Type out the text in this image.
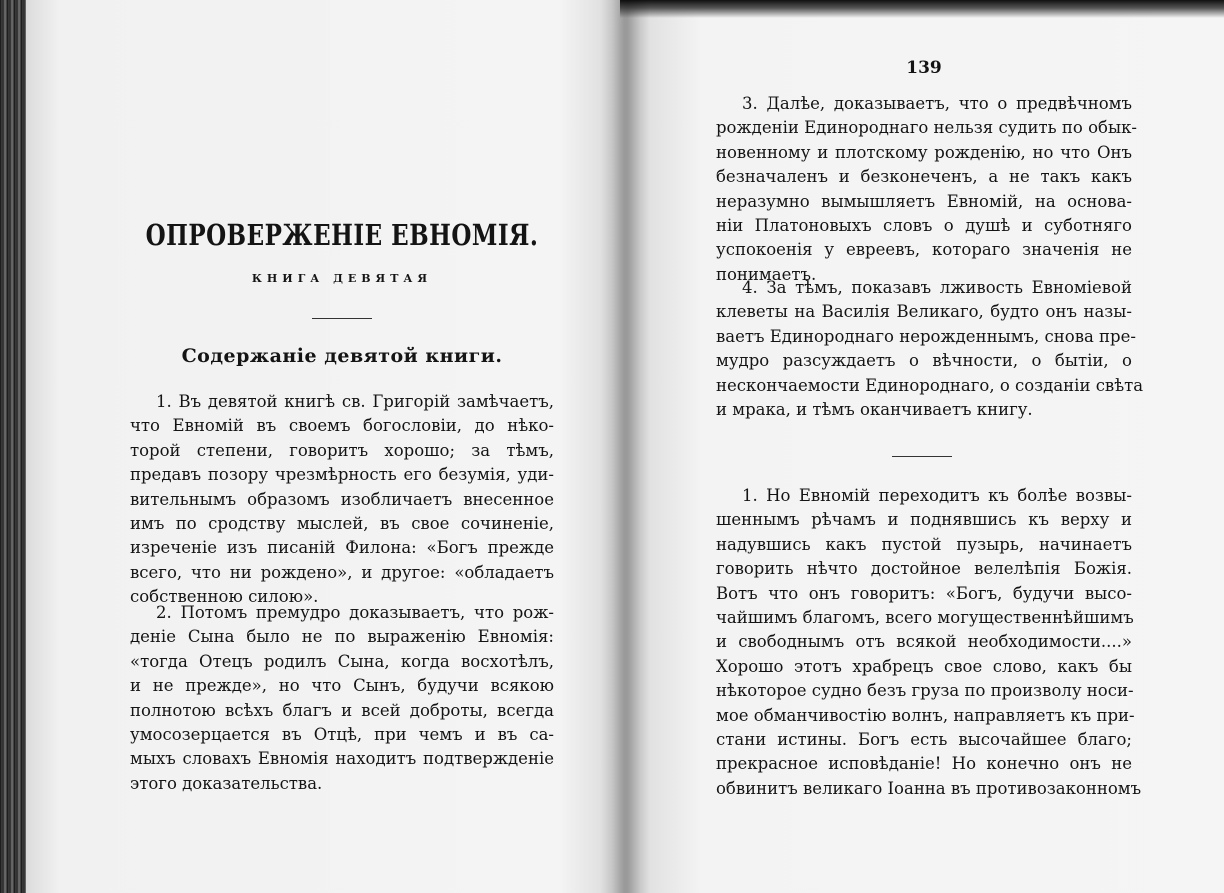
ОПРОВЕРЖЕНІЕ ЕВНОМІЯ.
КНИГА ДЕВЯТАЯ
Содержаніе девятой книги.
1. Въ девятой книгѣ св. Григорій замѣчаетъ,
что Евномій въ своемъ богословіи, до нѣко-
торой степени, говоритъ хорошо; за тѣмъ,
предавъ позору чрезмѣрность его безумія, уди-
вительнымъ образомъ изобличаетъ внесенное
имъ по сродству мыслей, въ свое сочиненіе,
изреченіе изъ писаній Филона: «Богъ прежде
всего, что ни рождено», и другое: «обладаетъ
собственною силою».
2. Потомъ премудро доказываетъ, что рож-
деніе Сына было не по выраженію Евномія:
«тогда Отецъ родилъ Сына, когда восхотѣлъ,
и не прежде», но что Сынъ, будучи всякою
полнотою всѣхъ благъ и всей доброты, всегда
умосозерцается въ Отцѣ, при чемъ и въ са-
мыхъ словахъ Евномія находитъ подтвержденіе
этого доказательства.
139
3. Далѣе, доказываетъ, что о предвѣчномъ
рожденіи Единороднаго нельзя судить по обык-
новенному и плотскому рожденію, но что Онъ
безначаленъ и безконеченъ, а не такъ какъ
неразумно вымышляетъ Евномій, на основа-
ніи Платоновыхъ словъ о душѣ и суботняго
успокоенія у евреевъ, котораго значенія не
понимаетъ.
4. За тѣмъ, показавъ лживость Евноміевой
клеветы на Василія Великаго, будто онъ назы-
ваетъ Единороднаго нерожденнымъ, снова пре-
мудро разсуждаетъ о вѣчности, о бытіи, о
нескончаемости Единороднаго, о созданіи свѣта
и мрака, и тѣмъ оканчиваетъ книгу.
1. Но Евномій переходитъ къ болѣе возвы-
шеннымъ рѣчамъ и поднявшись къ верху и
надувшись какъ пустой пузырь, начинаетъ
говорить нѣчто достойное велелѣпія Божія.
Вотъ что онъ говоритъ: «Богъ, будучи высо-
чайшимъ благомъ, всего могущественнѣйшимъ
и свободнымъ отъ всякой необходимости....»
Хорошо этотъ храбрецъ свое слово, какъ бы
нѣкоторое судно безъ груза по произволу носи-
мое обманчивостію волнъ, направляетъ къ при-
стани истины. Богъ есть высочайшее благо;
прекрасное исповѣданіе! Но конечно онъ не
обвинитъ великаго Іоанна въ противозаконномъ
